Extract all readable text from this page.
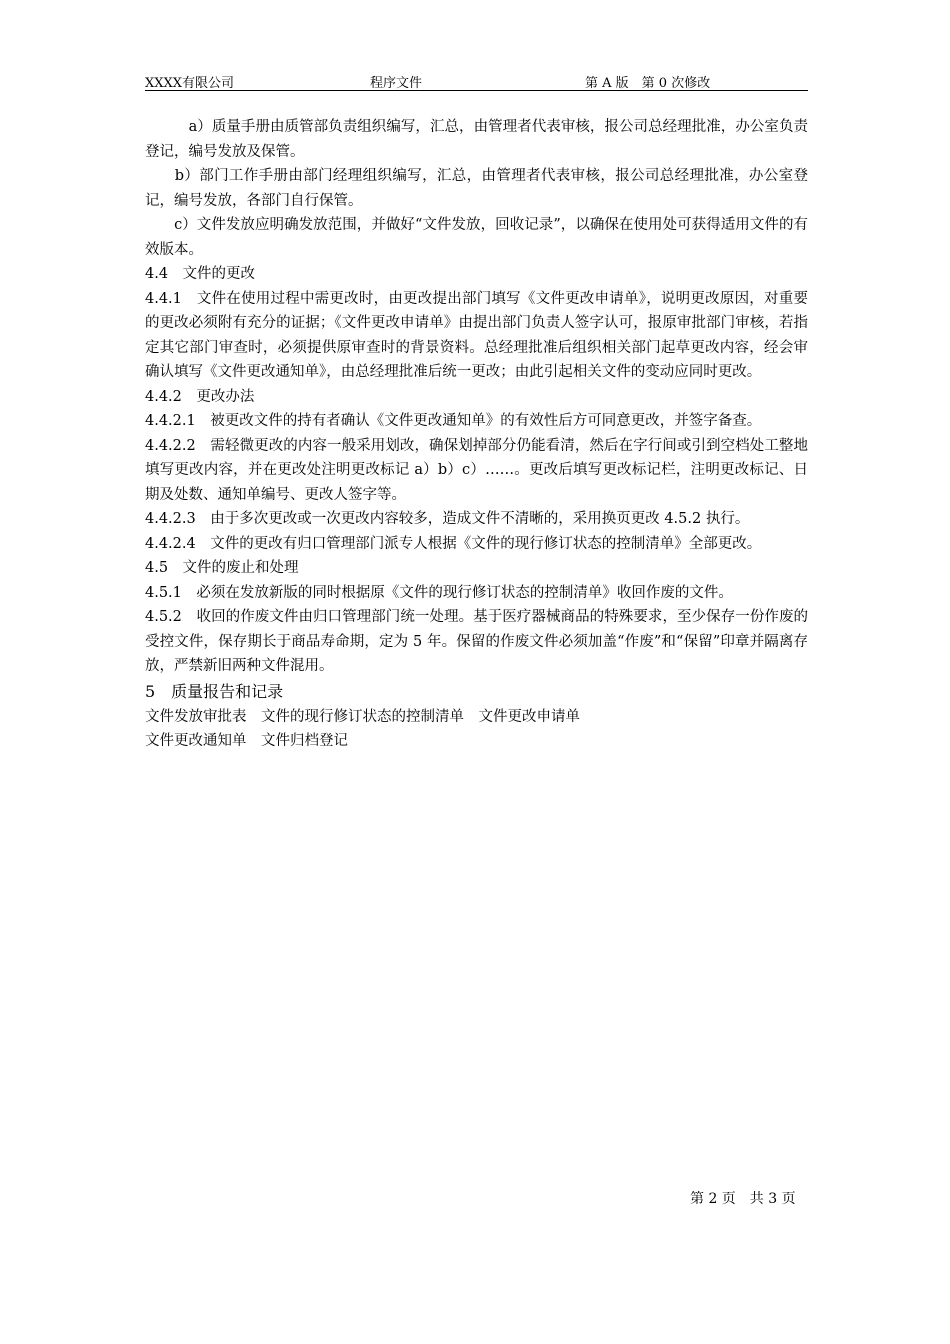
XXXX有限公司	程序文件	第 A 版　第 0 次修改

　　　a）质量手册由质管部负责组织编写，汇总，由管理者代表审核，报公司总经理批准，办公室负责登记，编号发放及保管。

　　b）部门工作手册由部门经理组织编写，汇总，由管理者代表审核，报公司总经理批准，办公室登记，编号发放，各部门自行保管。

　　c）文件发放应明确发放范围，并做好“文件发放，回收记录”，以确保在使用处可获得适用文件的有效版本。

4.4　文件的更改

4.4.1　文件在使用过程中需更改时，由更改提出部门填写《文件更改申请单》，说明更改原因，对重要的更改必须附有充分的证据；《文件更改申请单》由提出部门负责人签字认可，报原审批部门审核，若指定其它部门审查时，必须提供原审查时的背景资料。总经理批准后组织相关部门起草更改内容，经会审确认填写《文件更改通知单》，由总经理批准后统一更改；由此引起相关文件的变动应同时更改。

4.4.2　更改办法

4.4.2.1　被更改文件的持有者确认《文件更改通知单》的有效性后方可同意更改，并签字备查。

4.4.2.2　需轻微更改的内容一般采用划改，确保划掉部分仍能看清，然后在字行间或引到空档处工整地填写更改内容，并在更改处注明更改标记 a）b）c）……。更改后填写更改标记栏，注明更改标记、日期及处数、通知单编号、更改人签字等。

4.4.2.3　由于多次更改或一次更改内容较多，造成文件不清晰的，采用换页更改 4.5.2 执行。

4.4.2.4　文件的更改有归口管理部门派专人根据《文件的现行修订状态的控制清单》全部更改。

4.5　文件的废止和处理

4.5.1　必须在发放新版的同时根据原《文件的现行修订状态的控制清单》收回作废的文件。

4.5.2　收回的作废文件由归口管理部门统一处理。基于医疗器械商品的特殊要求，至少保存一份作废的受控文件，保存期长于商品寿命期，定为 5 年。保留的作废文件必须加盖“作废”和“保留”印章并隔离存放，严禁新旧两种文件混用。

5　质量报告和记录

文件发放审批表　文件的现行修订状态的控制清单　文件更改申请单

文件更改通知单　文件归档登记

第 2 页　共 3 页
